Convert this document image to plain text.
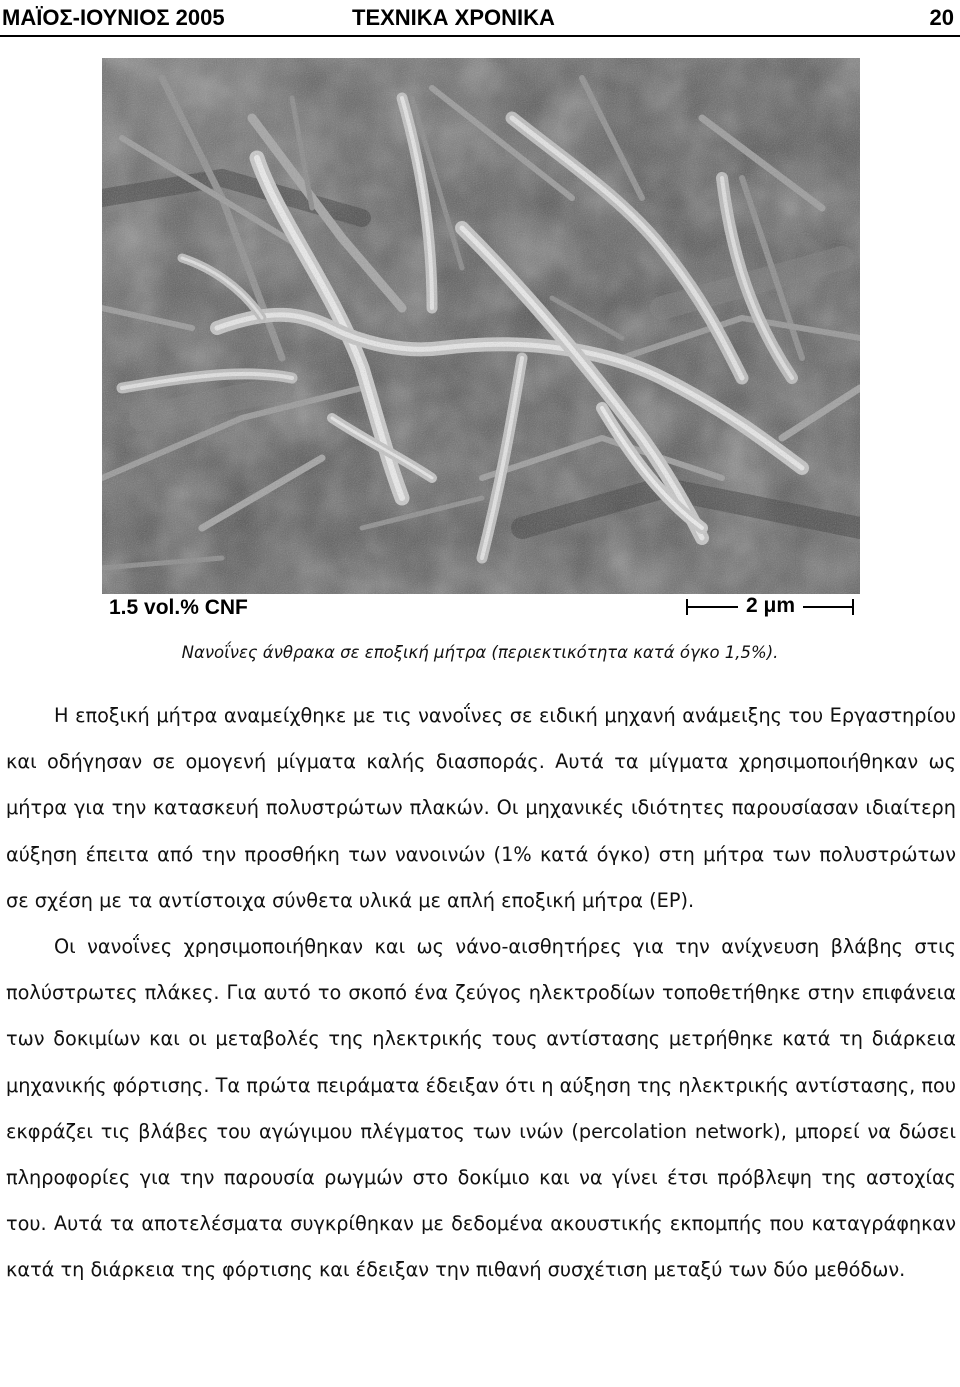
ΜΑΪΟΣ-ΙΟΥΝΙΟΣ 2005	ΤΕΧΝΙΚΑ ΧΡΟΝΙΚΑ	20
1.5 vol.% CNF	2 μm
Νανοΐνες άνθρακα σε εποξική μήτρα (περιεκτικότητα κατά όγκο 1,5%).

Η εποξική μήτρα αναμείχθηκε με τις νανοΐνες σε ειδική μηχανή ανάμειξης του Εργαστηρίου και οδήγησαν σε ομογενή μίγματα καλής διασποράς. Αυτά τα μίγματα χρησιμοποιήθηκαν ως μήτρα για την κατασκευή πολυστρώτων πλακών. Οι μηχανικές ιδιότητες παρουσίασαν ιδιαίτερη αύξηση έπειτα από την προσθήκη των νανοινών (1% κατά όγκο) στη μήτρα των πολυστρώτων σε σχέση με τα αντίστοιχα σύνθετα υλικά με απλή εποξική μήτρα (EP).

Οι νανοΐνες χρησιμοποιήθηκαν και ως νάνο-αισθητήρες για την ανίχνευση βλάβης στις πολύστρωτες πλάκες. Για αυτό το σκοπό ένα ζεύγος ηλεκτροδίων τοποθετήθηκε στην επιφάνεια των δοκιμίων και οι μεταβολές της ηλεκτρικής τους αντίστασης μετρήθηκε κατά τη διάρκεια μηχανικής φόρτισης. Τα πρώτα πειράματα έδειξαν ότι η αύξηση της ηλεκτρικής αντίστασης, που εκφράζει τις βλάβες του αγώγιμου πλέγματος των ινών (percolation network), μπορεί να δώσει πληροφορίες για την παρουσία ρωγμών στο δοκίμιο και να γίνει έτσι πρόβλεψη της αστοχίας του. Αυτά τα αποτελέσματα συγκρίθηκαν με δεδομένα ακουστικής εκπομπής που καταγράφηκαν κατά τη διάρκεια της φόρτισης και έδειξαν την πιθανή συσχέτιση μεταξύ των δύο μεθόδων.
